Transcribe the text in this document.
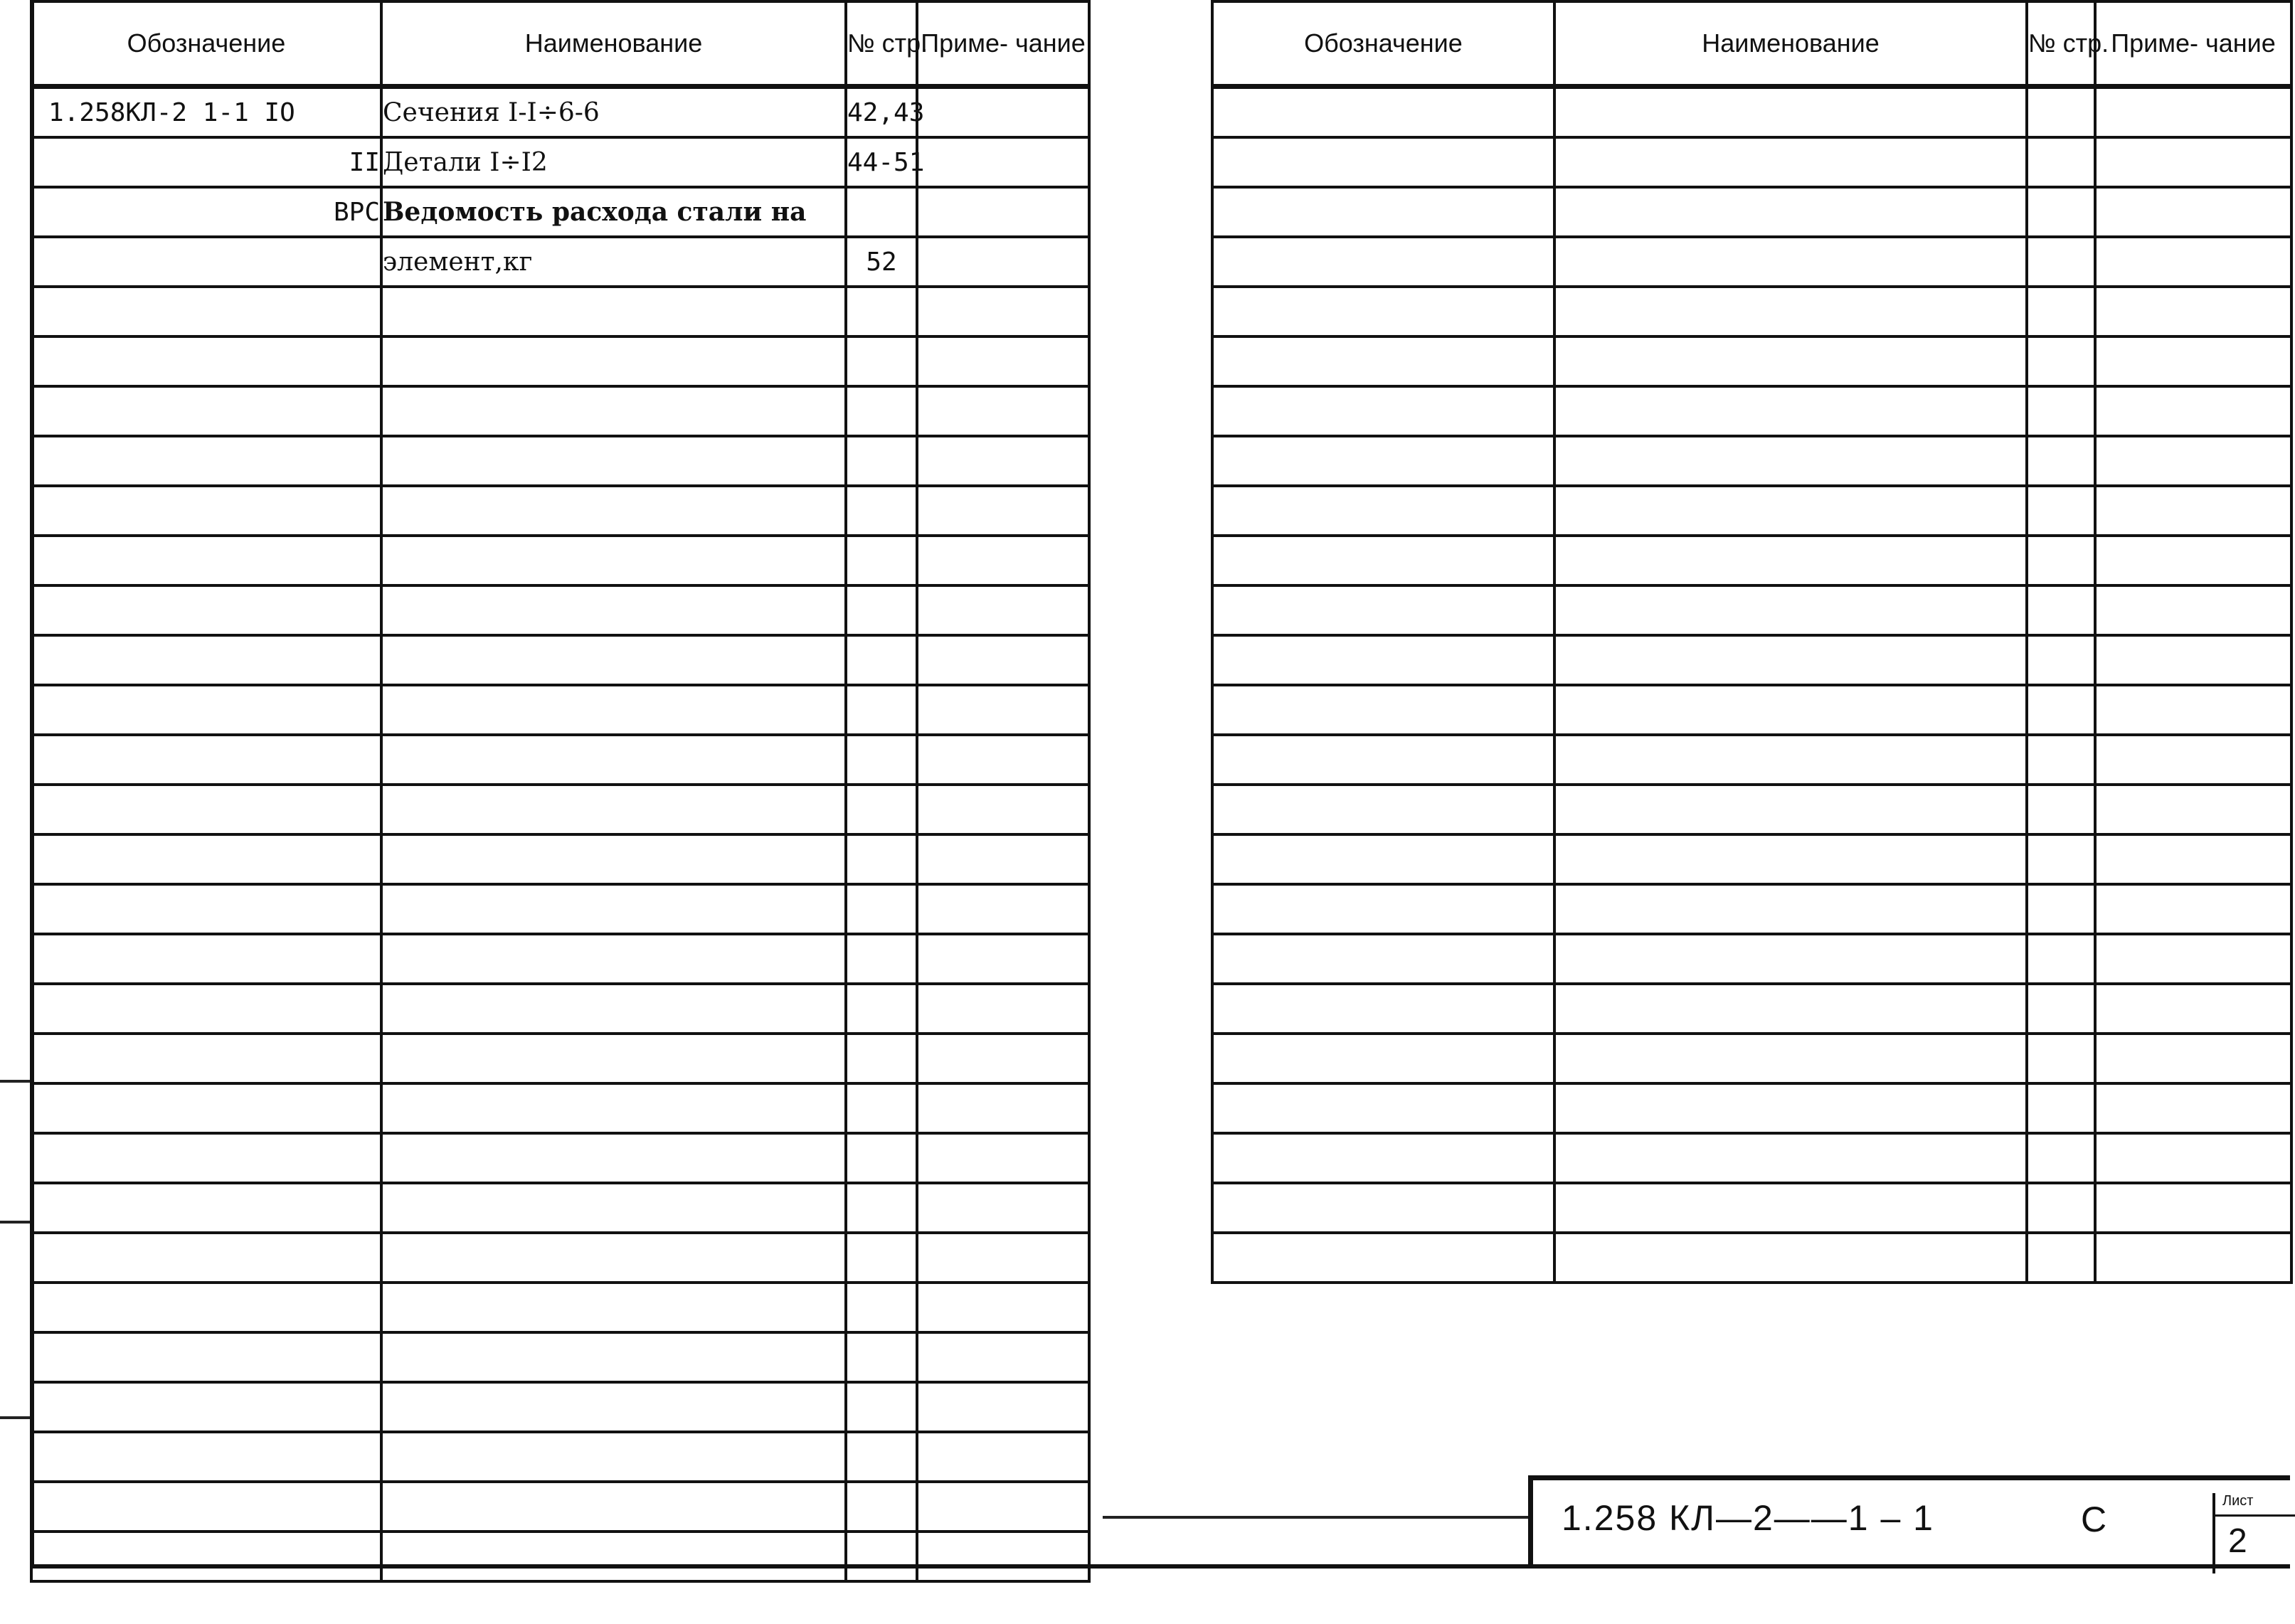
Обозначение	Наименование	№ стр.	Приме- чание
1.258КЛ-2 1-1 IO	Сечения I-I÷6-6	42,43	
II	Детали I÷I2	44-51	
ВРС	Ведомость расхода стали на		
	элемент,кг	52	

Обозначение	Наименование	№ стр.	Приме- чание

1.258 КЛ—2——1 – 1	С	Лист
2
